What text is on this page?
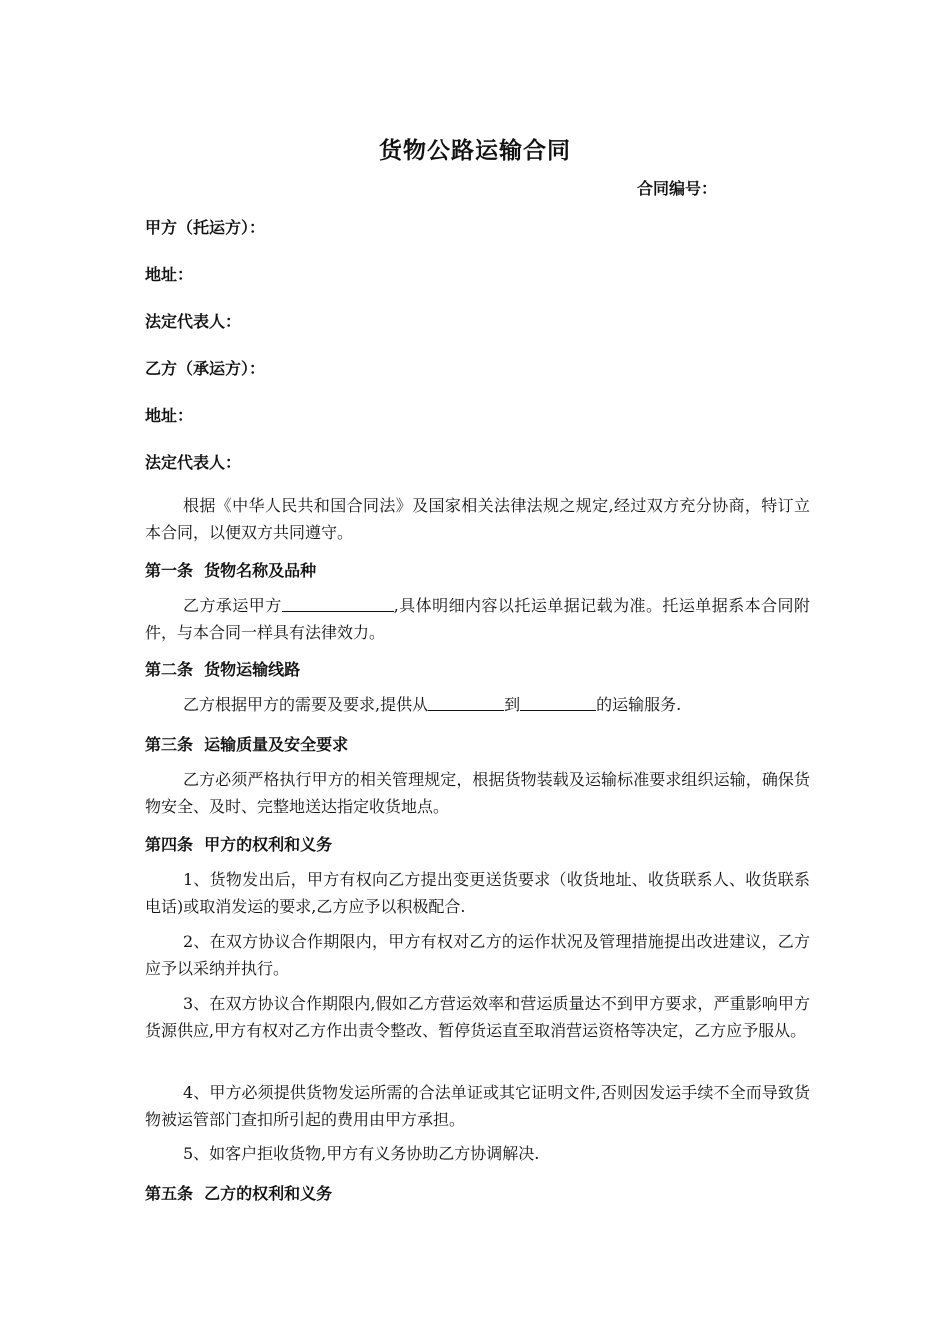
货物公路运输合同
合同编号：
甲方（托运方）：
地址：
法定代表人：
乙方（承运方）：
地址：
法定代表人：
根据《中华人民共和国合同法》及国家相关法律法规之规定,经过双方充分协商，特订立本合同，以便双方共同遵守。
第一条  货物名称及品种
乙方承运甲方	,具体明细内容以托运单据记载为准。托运单据系本合同附件，与本合同一样具有法律效力。
第二条  货物运输线路
乙方根据甲方的需要及要求,提供从	到	的运输服务.
第三条  运输质量及安全要求
乙方必须严格执行甲方的相关管理规定，根据货物装载及运输标准要求组织运输，确保货物安全、及时、完整地送达指定收货地点。
第四条  甲方的权利和义务
1、货物发出后，甲方有权向乙方提出变更送货要求（收货地址、收货联系人、收货联系电话)或取消发运的要求,乙方应予以积极配合.
2、在双方协议合作期限内，甲方有权对乙方的运作状况及管理措施提出改进建议，乙方应予以采纳并执行。
3、在双方协议合作期限内,假如乙方营运效率和营运质量达不到甲方要求，严重影响甲方货源供应,甲方有权对乙方作出责令整改、暂停货运直至取消营运资格等决定，乙方应予服从。
4、甲方必须提供货物发运所需的合法单证或其它证明文件,否则因发运手续不全而导致货物被运管部门查扣所引起的费用由甲方承担。
5、如客户拒收货物,甲方有义务协助乙方协调解决.
第五条  乙方的权利和义务
